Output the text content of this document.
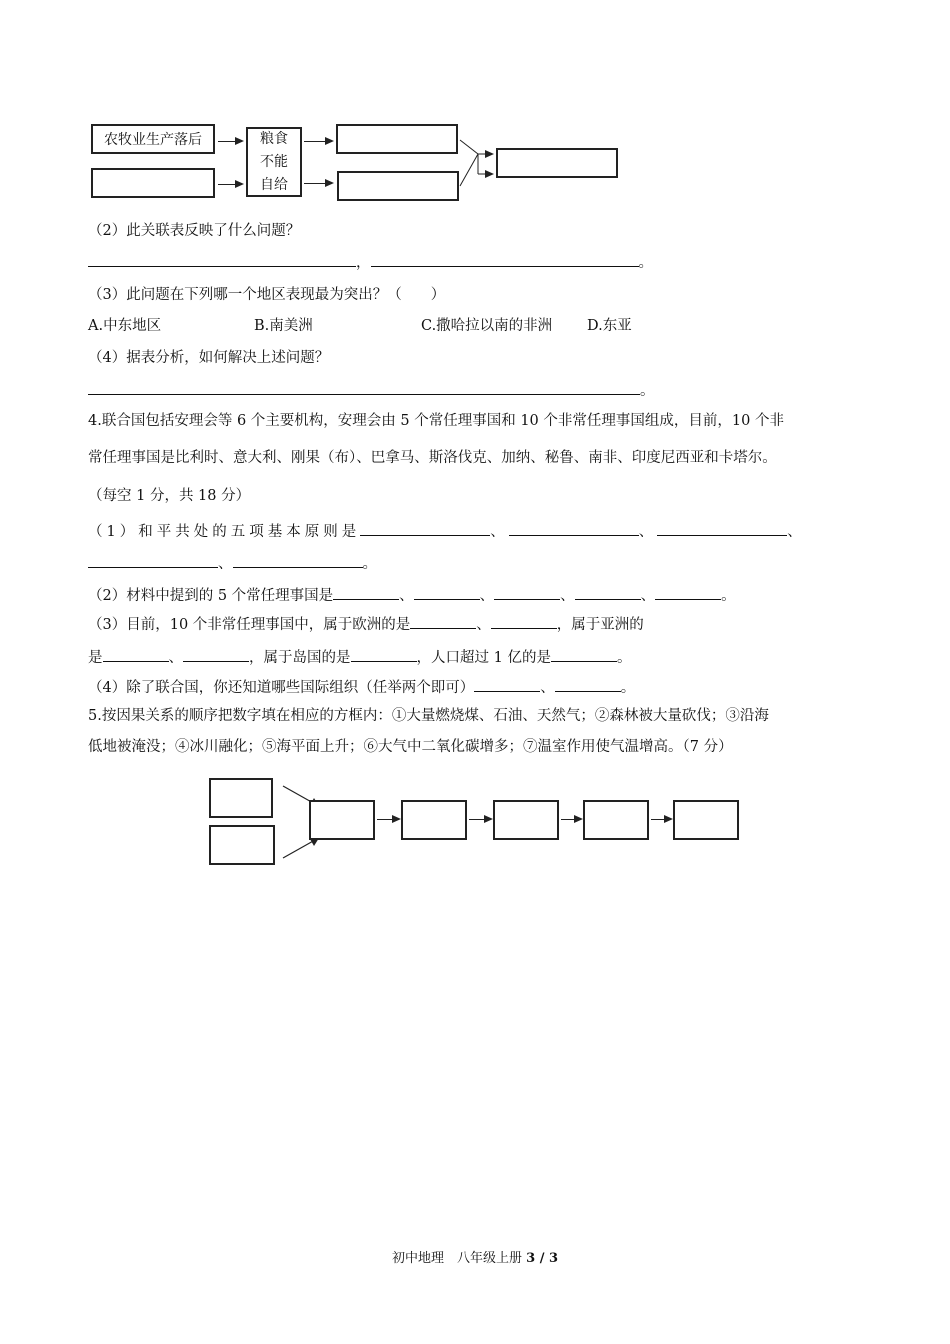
农牧业生产落后	粮食不能自给
（2）此关联表反映了什么问题？
，	。
（3）此问题在下列哪一个地区表现最为突出？（　　）
A.中东地区	B.南美洲	C.撒哈拉以南的非洲 D.东亚
（4）据表分析，如何解决上述问题？
。
4.联合国包括安理会等 6 个主要机构，安理会由 5 个常任理事国和 10 个非常任理事国组成，目前，10 个非
常任理事国是比利时、意大利、刚果（布）、巴拿马、斯洛伐克、加纳、秘鲁、南非、印度尼西亚和卡塔尔。
（每空 1 分，共 18 分）
（1）和平共处的五项基本原则是	、	、	、
、	。
（2）材料中提到的 5 个常任理事国是	、	、	、	、	。
（3）目前，10 个非常任理事国中，属于欧洲的是	、	，属于亚洲的
是	、	，属于岛国的是	，人口超过 1 亿的是	。
（4）除了联合国，你还知道哪些国际组织（任举两个即可）	、	。
5.按因果关系的顺序把数字填在相应的方框内：①大量燃烧煤、石油、天然气；②森林被大量砍伐；③沿海
低地被淹没；④冰川融化；⑤海平面上升；⑥大气中二氧化碳增多；⑦温室作用使气温增高。（7 分）
初中地理　八年级上册 3 / 3
